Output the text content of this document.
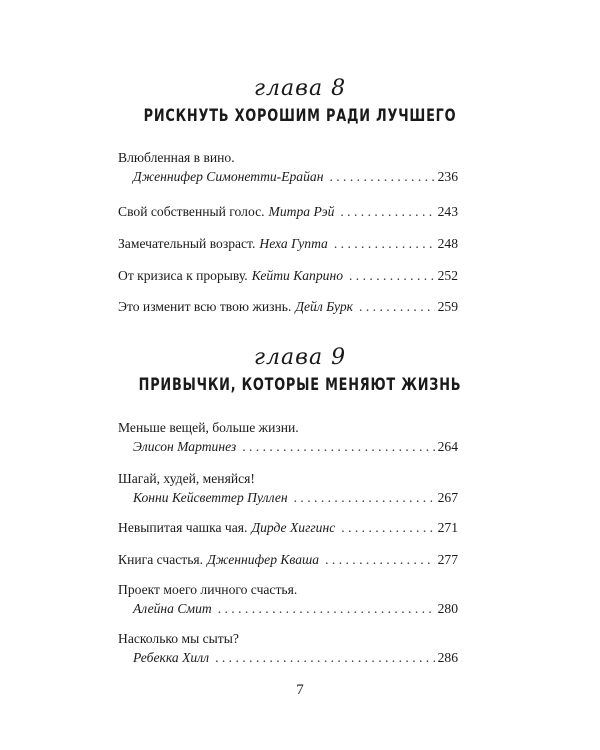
глава 8
РИСКНУТЬ ХОРОШИМ РАДИ ЛУЧШЕГО
Влюбленная в вино.
Дженнифер Симонетти-Ерайан . . .	236
Свой собственный голос. Митра Рэй . . .	243
Замечательный возраст. Неха Гупта . . .	248
От кризиса к прорыву. Кейти Каприно . . .	252
Это изменит всю твою жизнь. Дейл Бурк . . .	259
глава 9
ПРИВЫЧКИ, КОТОРЫЕ МЕНЯЮТ ЖИЗНЬ
Меньше вещей, больше жизни.
Элисон Мартинез . . .	264
Шагай, худей, меняйся!
Конни Кейсветтер Пуллен . . .	267
Невыпитая чашка чая. Дирде Хиггинс . . .	271
Книга счастья. Дженнифер Кваша . . .	277
Проект моего личного счастья.
Алейна Смит . . .	280
Насколько мы сыты?
Ребекка Хилл . . .	286
7
